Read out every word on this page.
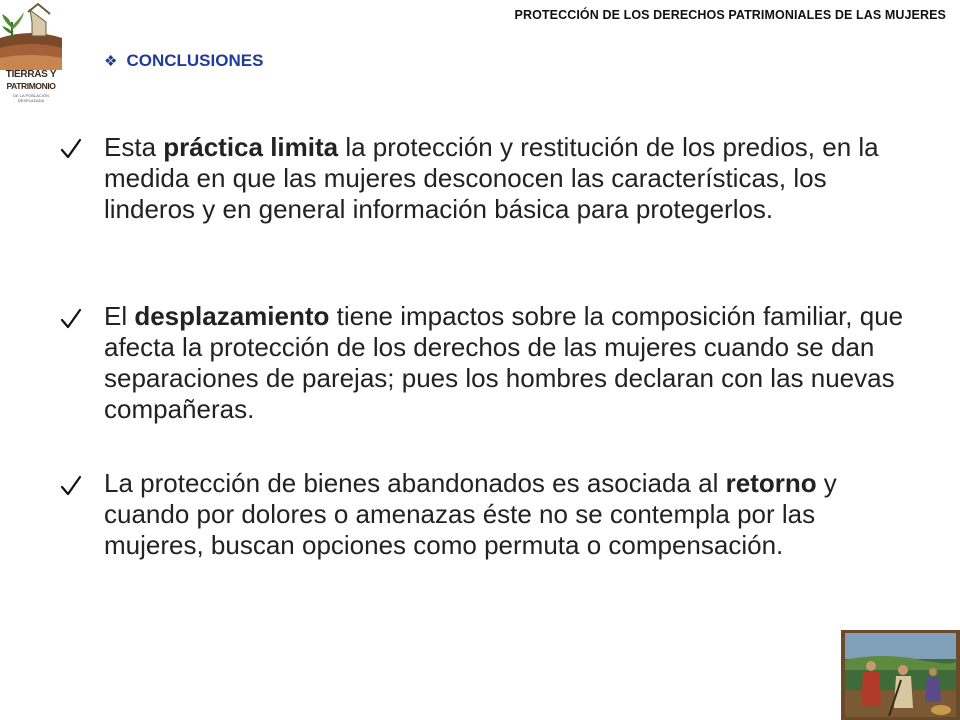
TIERRAS Y
PATRIMONIO
DE LA POBLACIÓN DESPLAZADA
PROTECCIÓN DE LOS DERECHOS PATRIMONIALES DE LAS MUJERES
❖ CONCLUSIONES
Esta práctica limita la protección y restitución de los predios, en la medida en que las mujeres desconocen las características, los linderos y en general información básica para protegerlos.
El desplazamiento tiene impactos sobre la composición familiar, que afecta la protección de los derechos de las mujeres cuando se dan separaciones de parejas; pues los hombres declaran con las nuevas compañeras.
La protección de bienes abandonados es asociada al retorno y cuando por dolores o amenazas éste no se contempla por las mujeres, buscan opciones como permuta o compensación.
